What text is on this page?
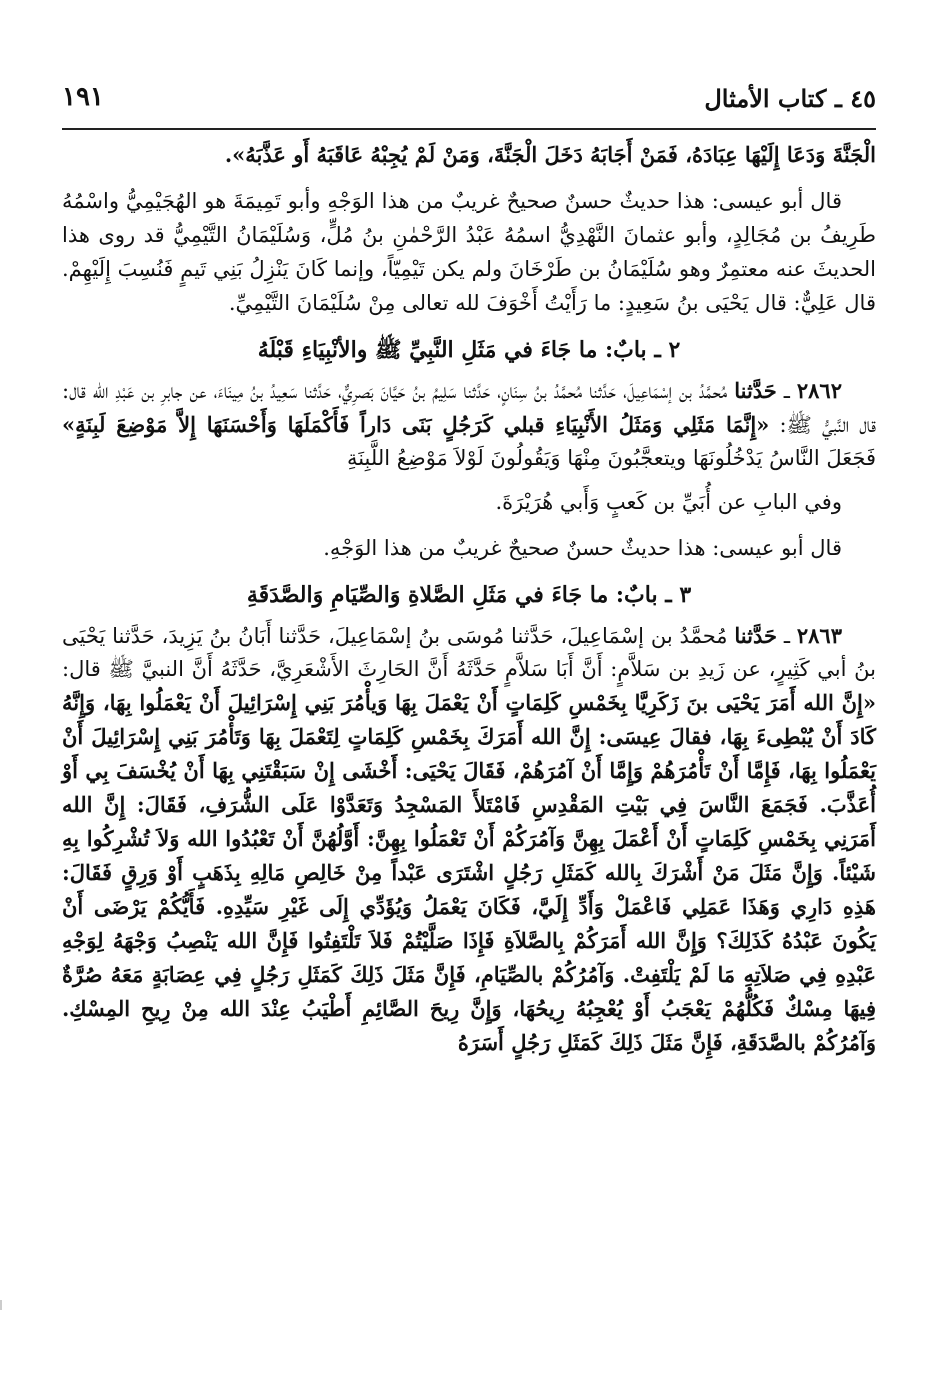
٤٥ ـ كتاب الأمثال
١٩١

الْجَنَّةَ وَدَعَا إِلَيْهَا عِبَادَهُ، فَمَنْ أَجَابَهُ دَخَلَ الْجَنَّةَ، وَمَنْ لَمْ يُجِبْهُ عَاقَبَهُ أَو عَذَّبَهُ».

قال أبو عيسى: هذا حديثٌ حسنٌ صحيحٌ غريبٌ من هذا الوَجْهِ وأبو تَمِيمَةَ هو الهُجَيْمِيُّ واسْمُهُ طَرِيفُ بن مُجَالِدٍ، وأبو عثمانَ النَّهْدِيُّ اسمُهُ عَبْدُ الرَّحْمٰنِ بنُ مُلٍّ، وَسُلَيْمَانُ التَّيْمِيُّ قد روى هذا الحديثَ عنه معتمِرٌ وهو سُلَيْمَانُ بن طَرْخَانَ ولم يكن تَيْمِيّاً، وإنما كَانَ يَنْزِلُ بَنِي تَيمٍ فَنُسِبَ إِلَيْهِمْ. قال عَلِيٌّ: قال يَحْيَى بنُ سَعِيدٍ: ما رَأَيْتُ أَخْوَفَ لله تعالى مِنْ سُلَيْمَانَ التَّيْمِيِّ.

٢ ـ بابٌ: ما جَاءَ في مَثَلِ النَّبِيِّ ﷺ والأنْبِيَاءِ قَبْلَهُ

٢٨٦٢ ـ حَدَّثنا مُحمَّدُ بن إسْمَاعِيلَ، حَدَّثنا مُحمَّدُ بنُ سِنَانٍ، حَدَّثنا سَلِيمُ بنُ حَيَّانَ بَصرِيٌّ، حَدَّثنا سَعِيدُ بنُ مِينَاءَ، عن جابرِ بن عَبْدِ الله قال: قال النَّبيُّ ﷺ: «إِنَّمَا مَثَلِي وَمَثَلُ الأَنْبِيَاءِ قبلي كَرَجُلٍ بَنَى دَاراً فَأَكْمَلَهَا وَأَحْسَنَهَا إِلاَّ مَوْضِعَ لَبِنَةٍ» فَجَعَلَ النَّاسُ يَدْخُلُونَهَا ويتعجَّبُونَ مِنْهَا وَيَقُولُونَ لَوْلاَ مَوْضِعُ اللَّبِنَةِ

وفي البابِ عن أُبَيِّ بن كَعبٍ وَأَبي هُرَيْرَةَ.

قال أبو عيسى: هذا حديثٌ حسنٌ صحيحٌ غريبٌ من هذا الوَجْهِ.

٣ ـ بابٌ: ما جَاءَ في مَثَلِ الصَّلاةِ وَالصِّيَامِ وَالصَّدَقَةِ

٢٨٦٣ ـ حَدَّثنا مُحمَّدُ بن إسْمَاعِيلَ، حَدَّثنا مُوسَى بنُ إسْمَاعِيلَ، حَدَّثنا أَبَانُ بنُ يَزِيدَ، حَدَّثنا يَحْيَى بنُ أبي كَثِيرٍ، عن زَيدِ بن سَلاَّمٍ: أَنَّ أَبَا سَلاَّمٍ حَدَّثَهُ أَنَّ الحَارِثَ الأَشْعَرِيَّ، حَدَّثَهُ أَنَّ النبيَّ ﷺ قال: «إِنَّ الله أَمَرَ يَحْيَى بنَ زَكَرِيَّا بِخَمْسِ كَلِمَاتٍ أَنْ يَعْمَلَ بِهَا وَيأْمُرَ بَنِي إِسْرَائِيلَ أَنْ يَعْمَلُوا بِهَا، وَإِنَّهُ كَادَ أَنْ يُبْطِىءَ بِهَا، فقالَ عِيسَى: إِنَّ الله أَمَرَكَ بِخَمْسِ كَلِمَاتٍ لِتَعْمَلَ بِهَا وَتَأْمُرَ بَنِي إِسْرَائِيلَ أَنْ يَعْمَلُوا بِهَا، فَإِمَّا أَنْ تَأْمُرَهُمْ وَإِمَّا أَنْ آمُرَهُمْ، فَقَالَ يَحْيَى: أَخْشَى إِنْ سَبَقْتَنِي بِهَا أَنْ يُخْسَفَ بِي أَوْ أُعَذَّبَ. فَجَمَعَ النَّاسَ فِي بَيْتِ المَقْدِسِ فَامْتَلأَ المَسْجِدُ وَتَعَدَّوْا عَلَى الشُّرَفِ، فَقَالَ: إِنَّ الله أَمَرَنِي بِخَمْسِ كَلِمَاتٍ أَنْ أَعْمَلَ بِهِنَّ وَآمُرَكُمْ أَنْ تَعْمَلُوا بِهِنَّ: أَوَّلُهُنَّ أَنْ تَعْبُدُوا الله وَلاَ تُشْرِكُوا بِهِ شَيْئاً. وَإِنَّ مَثَلَ مَنْ أَشْرَكَ بِالله كَمَثَلِ رَجُلٍ اشْتَرَى عَبْداً مِنْ خَالِصِ مَالِهِ بِذَهَبٍ أَوْ وَرِقٍ فَقَالَ: هَذِهِ دَارِي وَهَذَا عَمَلِي فَاعْمَلْ وَأَدِّ إِلَيَّ، فَكَانَ يَعْمَلُ وَيُؤَدِّي إِلَى غَيْرِ سَيِّدِهِ. فَأَيُّكُمْ يَرْضَى أَنْ يَكُونَ عَبْدُهُ كَذَلِكَ؟ وَإِنَّ الله أَمَرَكُمْ بِالصَّلاَةِ فَإِذَا صَلَّيْتُمْ فَلاَ تَلْتَفِتُوا فَإِنَّ الله يَنْصِبُ وَجْهَهُ لِوَجْهِ عَبْدِهِ فِي صَلاَتِهِ مَا لَمْ يَلْتَفِتْ. وَآمُرُكُمْ بالصِّيَامِ، فَإِنَّ مَثَلَ ذَلِكَ كَمَثَلِ رَجُلٍ فِي عِصَابَةٍ مَعَهُ صُرَّةٌ فِيهَا مِسْكٌ فَكُلُّهُمْ يَعْجَبُ أَوْ يُعْجِبُهُ رِيحُهَا، وَإِنَّ رِيحَ الصَّائِمِ أَطْيَبُ عِنْدَ الله مِنْ رِيحِ المِسْكِ. وَآمُرُكُمْ بالصَّدَقَةِ، فَإِنَّ مَثَلَ ذَلِكَ كَمَثَلِ رَجُلٍ أَسَرَهُ
